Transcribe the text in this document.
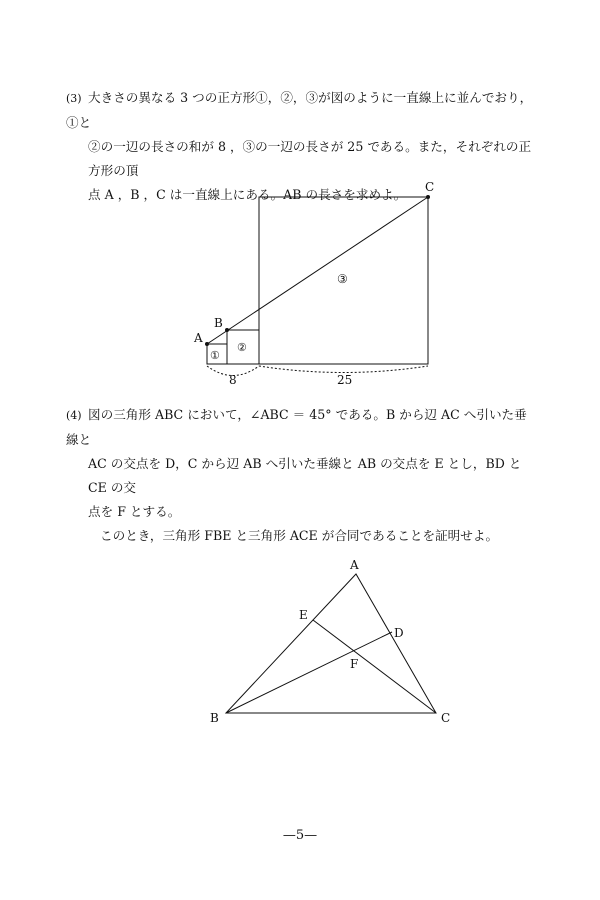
(3) 大きさの異なる 3 つの正方形①，②，③が図のように一直線上に並んでおり，①と
②の一辺の長さの和が 8 ，③の一辺の長さが 25 である。また，それぞれの正方形の頂
点 A ，B ，C は一直線上にある。AB の長さを求めよ。
A
B
C
①
②
③
8	25
A
B	C
D
E
F
(4) 図の三角形 ABC において，∠ABC ＝ 45° である。B から辺 AC へ引いた垂線と
AC の交点を D，C から辺 AB へ引いた垂線と AB の交点を E とし，BD と CE の交
点を F とする。
このとき，三角形 FBE と三角形 ACE が合同であることを証明せよ。
—5—
